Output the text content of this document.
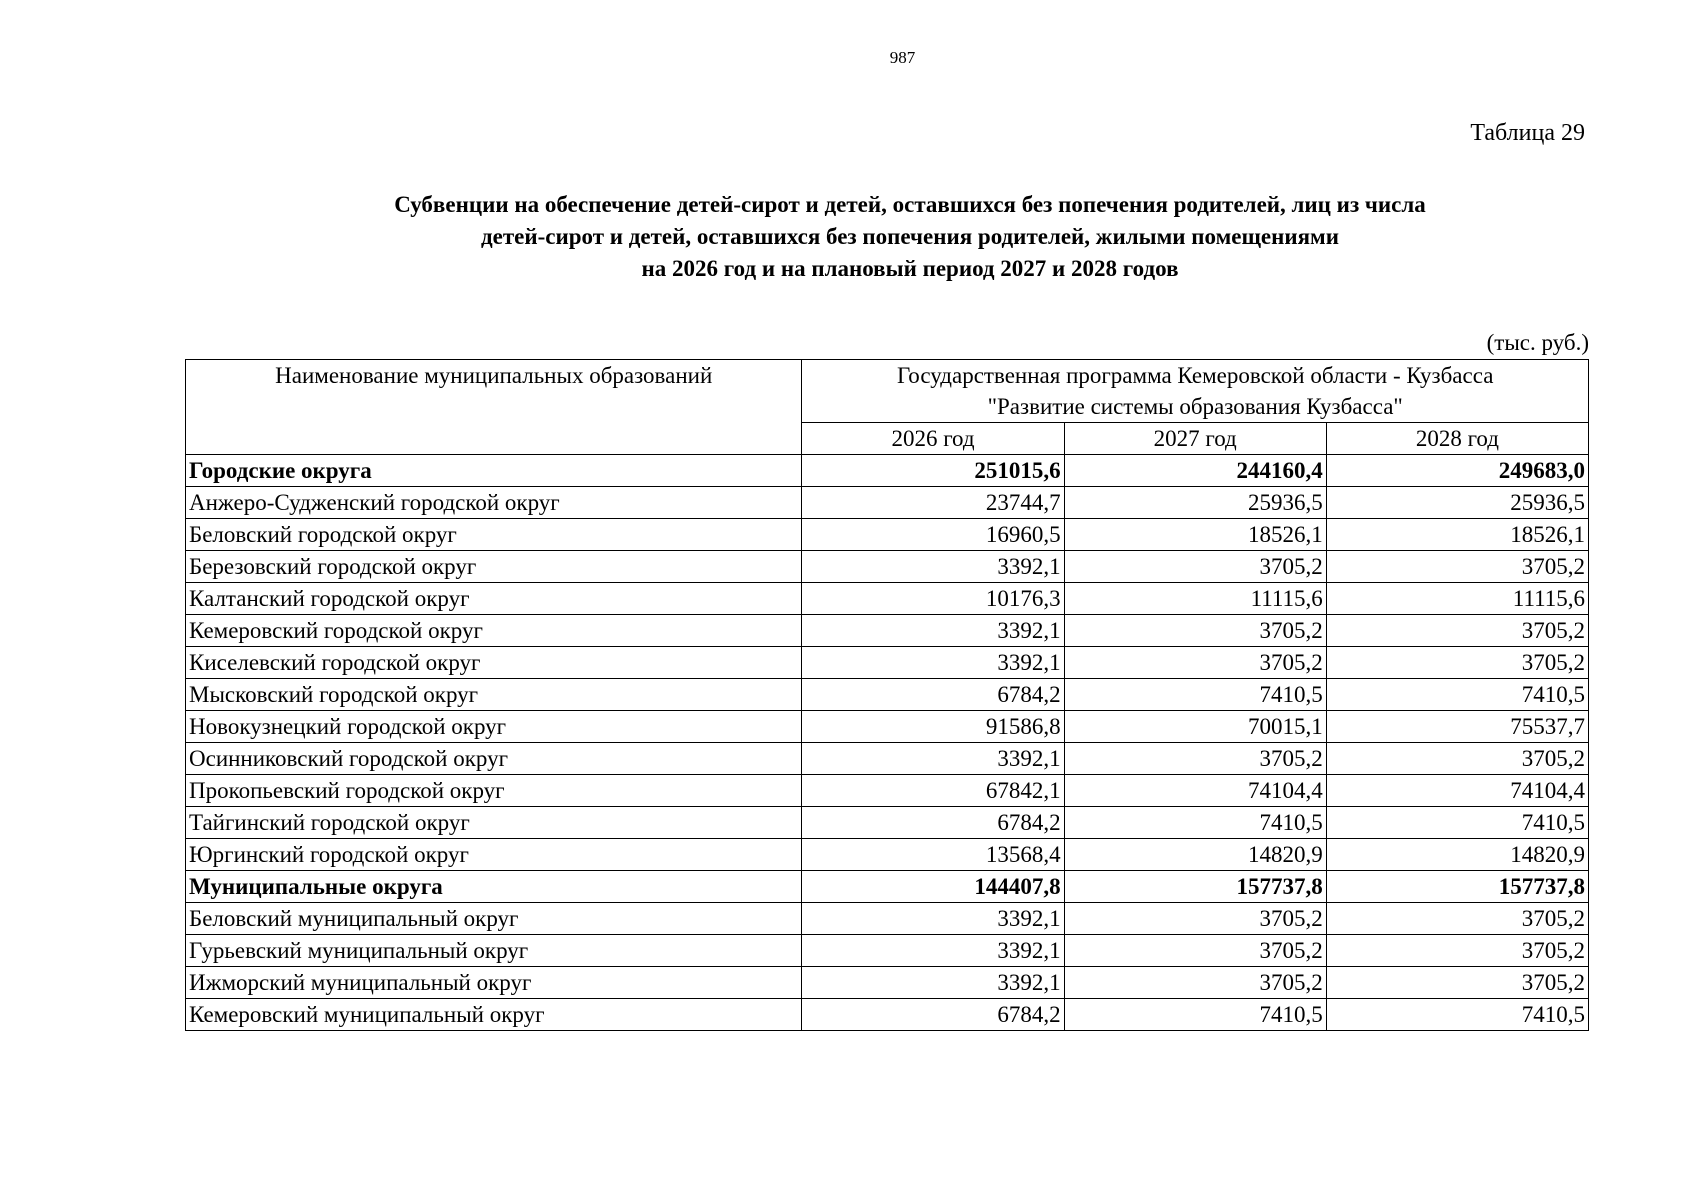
987
Таблица 29
Субвенции на обеспечение детей-сирот и детей, оставшихся без попечения родителей, лиц из числа
детей-сирот и детей, оставшихся без попечения родителей, жилыми помещениями
на 2026 год и на плановый период 2027 и 2028 годов
(тыс. руб.)
Наименование муниципальных образований	Государственная программа Кемеровской области - Кузбасса
"Развитие системы образования Кузбасса"		

	2026 год	2027 год	2028 год
Городские округа	251015,6	244160,4	249683,0
Анжеро-Судженский городской округ	23744,7	25936,5	25936,5
Беловский городской округ	16960,5	18526,1	18526,1
Березовский городской округ	3392,1	3705,2	3705,2
Калтанский городской округ	10176,3	11115,6	11115,6
Кемеровский городской округ	3392,1	3705,2	3705,2
Киселевский городской округ	3392,1	3705,2	3705,2
Мысковский городской округ	6784,2	7410,5	7410,5
Новокузнецкий городской округ	91586,8	70015,1	75537,7
Осинниковский городской округ	3392,1	3705,2	3705,2
Прокопьевский городской округ	67842,1	74104,4	74104,4
Тайгинский городской округ	6784,2	7410,5	7410,5
Юргинский городской округ	13568,4	14820,9	14820,9
Муниципальные округа	144407,8	157737,8	157737,8
Беловский муниципальный округ	3392,1	3705,2	3705,2
Гурьевский муниципальный округ	3392,1	3705,2	3705,2
Ижморский муниципальный округ	3392,1	3705,2	3705,2
Кемеровский муниципальный округ	6784,2	7410,5	7410,5
